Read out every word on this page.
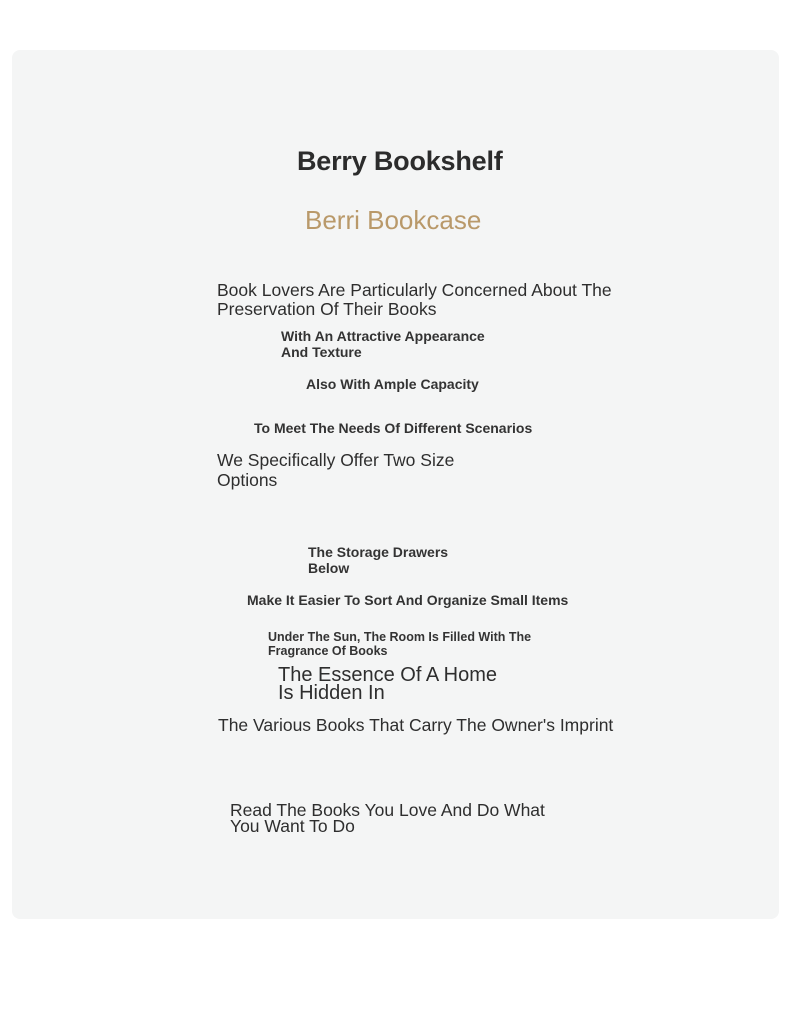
Berry Bookshelf
Berri Bookcase

Book Lovers Are Particularly Concerned About The Preservation Of Their Books

With An Attractive Appearance And Texture

Also With Ample Capacity

To Meet The Needs Of Different Scenarios

We Specifically Offer Two Size Options

The Storage Drawers Below

Make It Easier To Sort And Organize Small Items

Under The Sun, The Room Is Filled With The Fragrance Of Books

The Essence Of A Home Is Hidden In

The Various Books That Carry The Owner's Imprint

Read The Books You Love And Do What You Want To Do
